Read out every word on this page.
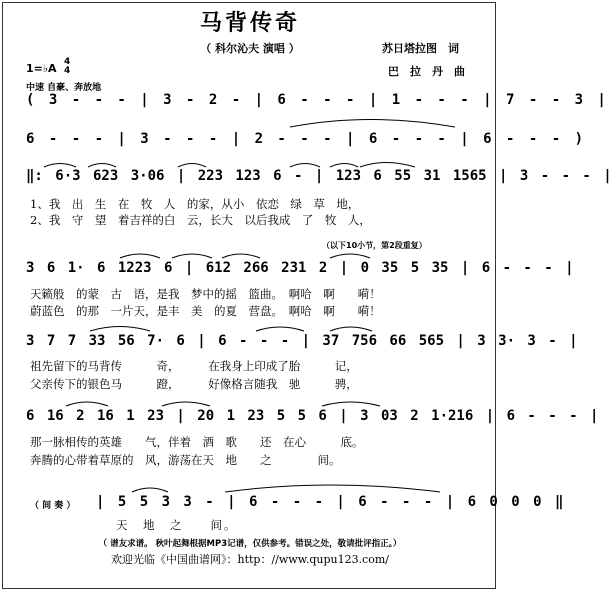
马背传奇
（ 科尔沁夫 演唱 ）	苏日塔拉图　词
巴　拉　丹　曲
1=♭A 4
4
中速 自豪、奔放地
( 3 - - - | 3 - 2 - | 6 - - - | 1 - - - | 7 - - 3 |
6 - - - | 3 - - - | 2 - - - | 6 - - - | 6 - - - )
‖: 6·3 623 3·06 | 223 123 6 - | 123 6 55 31 1565 | 3 - - - |
1、我　出　生　在　牧　人　的家，从小　依恋　绿　草　地，
2、我　守　望　着吉祥的白　云，长大　以后我成　了　牧　人，
（以下10小节，第2段重复）
3 6 1· 6 1223 6 | 612 266 231 2 | 0 35 5 35 | 6 - - - |
天籁般　的蒙　古　语，是我　梦中的摇　篮曲。　啊哈　啊　　嗬！
蔚蓝色　的那　一片天，是丰　美　的夏　营盘。　啊哈　啊　　嗬！
3 7 7 33 56 7· 6 | 6 - - - | 37 756 66 565 | 3 3· 3 - |
祖先留下的马背传　　　奇，　　　在我身上印成了胎　　　记，
父亲传下的银色马　　　蹬，　　　好像格言随我　驰　　　骋，
6 16 2 16 1 23 | 20 1 23 5 5 6 | 3 03 2 1·216 | 6 - - - |
那一脉相传的英雄　　气，伴着　酒　歌　　还　在心　　　底。
奔腾的心带着草原的　风，游荡在天　地　　之　　　　间。
（ 间 奏 ） | 5 5 3 3 - | 6 - - - | 6 - - - | 6 0 0 0 ‖
天　地　之　　间。
（ 谱友求谱。 秋叶起舞根据MP3记谱，仅供参考。错误之处，敬请批评指正。）
欢迎光临《中国曲谱网》：http：//www.qupu123.com/
